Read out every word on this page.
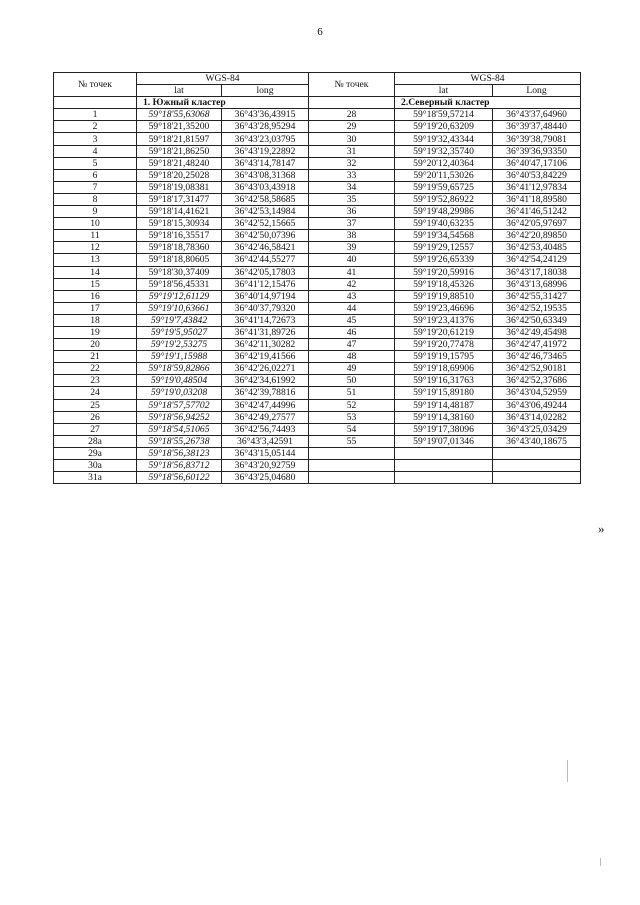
6
№ точек	WGS-84		№ точек	WGS-84	
	lat	long		lat	Long
	1. Южный кластер			2.Северный кластер	
1	59°18'55,63068	36°43'36,43915	28	59°18'59,57214	36°43'37,64960
2	59°18'21,35200	36°43'28,95294	29	59°19'20,63209	36°39'37,48440
3	59°18'21,81597	36°43'23,03795	30	59°19'32,43344	36°39'38,79081
4	59°18'21,86250	36°43'19,22892	31	59°19'32,35740	36°39'36,93350
5	59°18'21,48240	36°43'14,78147	32	59°20'12,40364	36°40'47,17106
6	59°18'20,25028	36°43'08,31368	33	59°20'11,53026	36°40'53,84229
7	59°18'19,08381	36°43'03,43918	34	59°19'59,65725	36°41'12,97834
8	59°18'17,31477	36°42'58,58685	35	59°19'52,86922	36°41'18,89580
9	59°18'14,41621	36°42'53,14984	36	59°19'48,29986	36°41'46,51242
10	59°18'15,30934	36°42'52,15665	37	59°19'40,63235	36°42'05,97697
11	59°18'16,35517	36°42'50,07396	38	59°19'34,54568	36°42'20,89850
12	59°18'18,78360	36°42'46,58421	39	59°19'29,12557	36°42'53,40485
13	59°18'18,80605	36°42'44,55277	40	59°19'26,65339	36°42'54,24129
14	59°18'30,37409	36°42'05,17803	41	59°19'20,59916	36°43'17,18038
15	59°18'56,45331	36°41'12,15476	42	59°19'18,45326	36°43'13,68996
16	59°19'12,61129	36°40'14,97194	43	59°19'19,88510	36°42'55,31427
17	59°19'10,63661	36°40'37,79320	44	59°19'23,46696	36°42'52,19535
18	59°19'7,43842	36°41'14,72673	45	59°19'23,41376	36°42'50,63349
19	59°19'5,95027	36°41'31,89726	46	59°19'20,61219	36°42'49,45498
20	59°19'2,53275	36°42'11,30282	47	59°19'20,77478	36°42'47,41972
21	59°19'1,15988	36°42'19,41566	48	59°19'19,15795	36°42'46,73465
22	59°18'59,82866	36°42'26,02271	49	59°19'18,69906	36°42'52,90181
23	59°19'0,48504	36°42'34,61992	50	59°19'16,31763	36°42'52,37686
24	59°19'0,03208	36°42'39,78816	51	59°19'15,89180	36°43'04,52959
25	59°18'57,57702	36°42'47,44996	52	59°19'14,48187	36°43'06,49244
26	59°18'56,94252	36°42'49,27577	53	59°19'14,38160	36°43'14,02282
27	59°18'54,51065	36°42'56,74493	54	59°19'17,38096	36°43'25,03429
28a	59°18'55,26738	36°43'3,42591	55	59°19'07,01346	36°43'40,18675
29a	59°18'56,38123	36°43'15,05144			
30a	59°18'56,83712	36°43'20,92759			
31a	59°18'56,60122	36°43'25,04680			
»
